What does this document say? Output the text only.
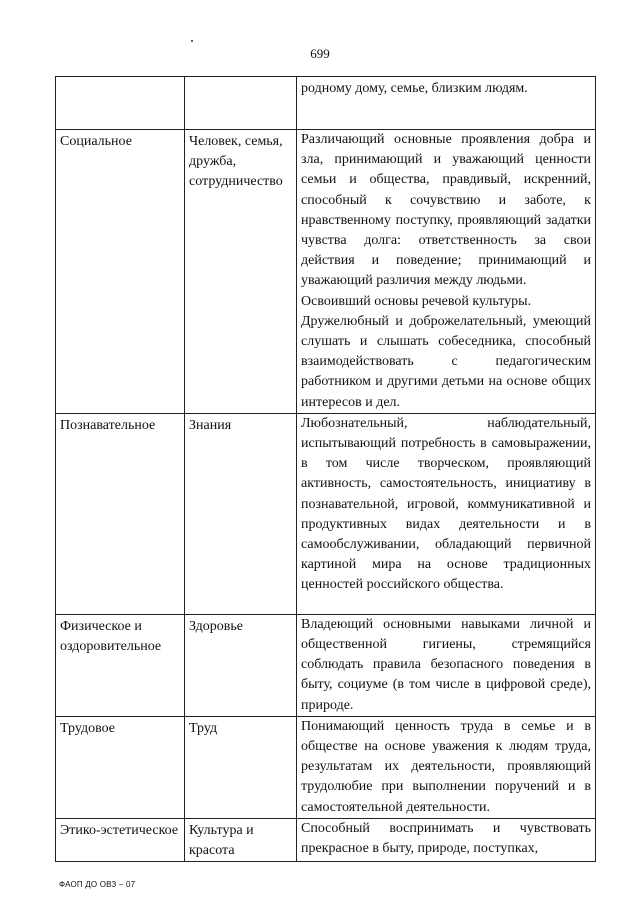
699
		родному дому, семье, близким людям.
Социальное	Человек, семья, дружба, сотрудничество	Различающий основные проявления добра и зла, принимающий и уважающий ценности семьи и общества, правдивый, искренний, способный к сочувствию и заботе, к нравственному поступку, проявляющий задатки чувства долга: ответственность за свои действия и поведение; принимающий и уважающий различия между людьми.
Освоивший основы речевой культуры.
Дружелюбный и доброжелательный, умеющий слушать и слышать собеседника, способный взаимодействовать с педагогическим работником и другими детьми на основе общих интересов и дел.

Познавательное	Знания	Любознательный, наблюдательный, испытывающий потребность в самовыражении, в том числе творческом, проявляющий активность, самостоятельность, инициативу в познавательной, игровой, коммуникативной и продуктивных видах деятельности и в самообслуживании, обладающий первичной картиной мира на основе традиционных ценностей российского общества.
Физическое и оздоровительное	Здоровье	Владеющий основными навыками личной и общественной гигиены, стремящийся соблюдать правила безопасного поведения в быту, социуме (в том числе в цифровой среде), природе.
Трудовое	Труд	Понимающий ценность труда в семье и в обществе на основе уважения к людям труда, результатам их деятельности, проявляющий трудолюбие при выполнении поручений и в самостоятельной деятельности.
Этико-эстетическое	Культура и красота	Способный воспринимать и чувствовать прекрасное в быту, природе, поступках,
ФАОП ДО ОВЗ – 07
